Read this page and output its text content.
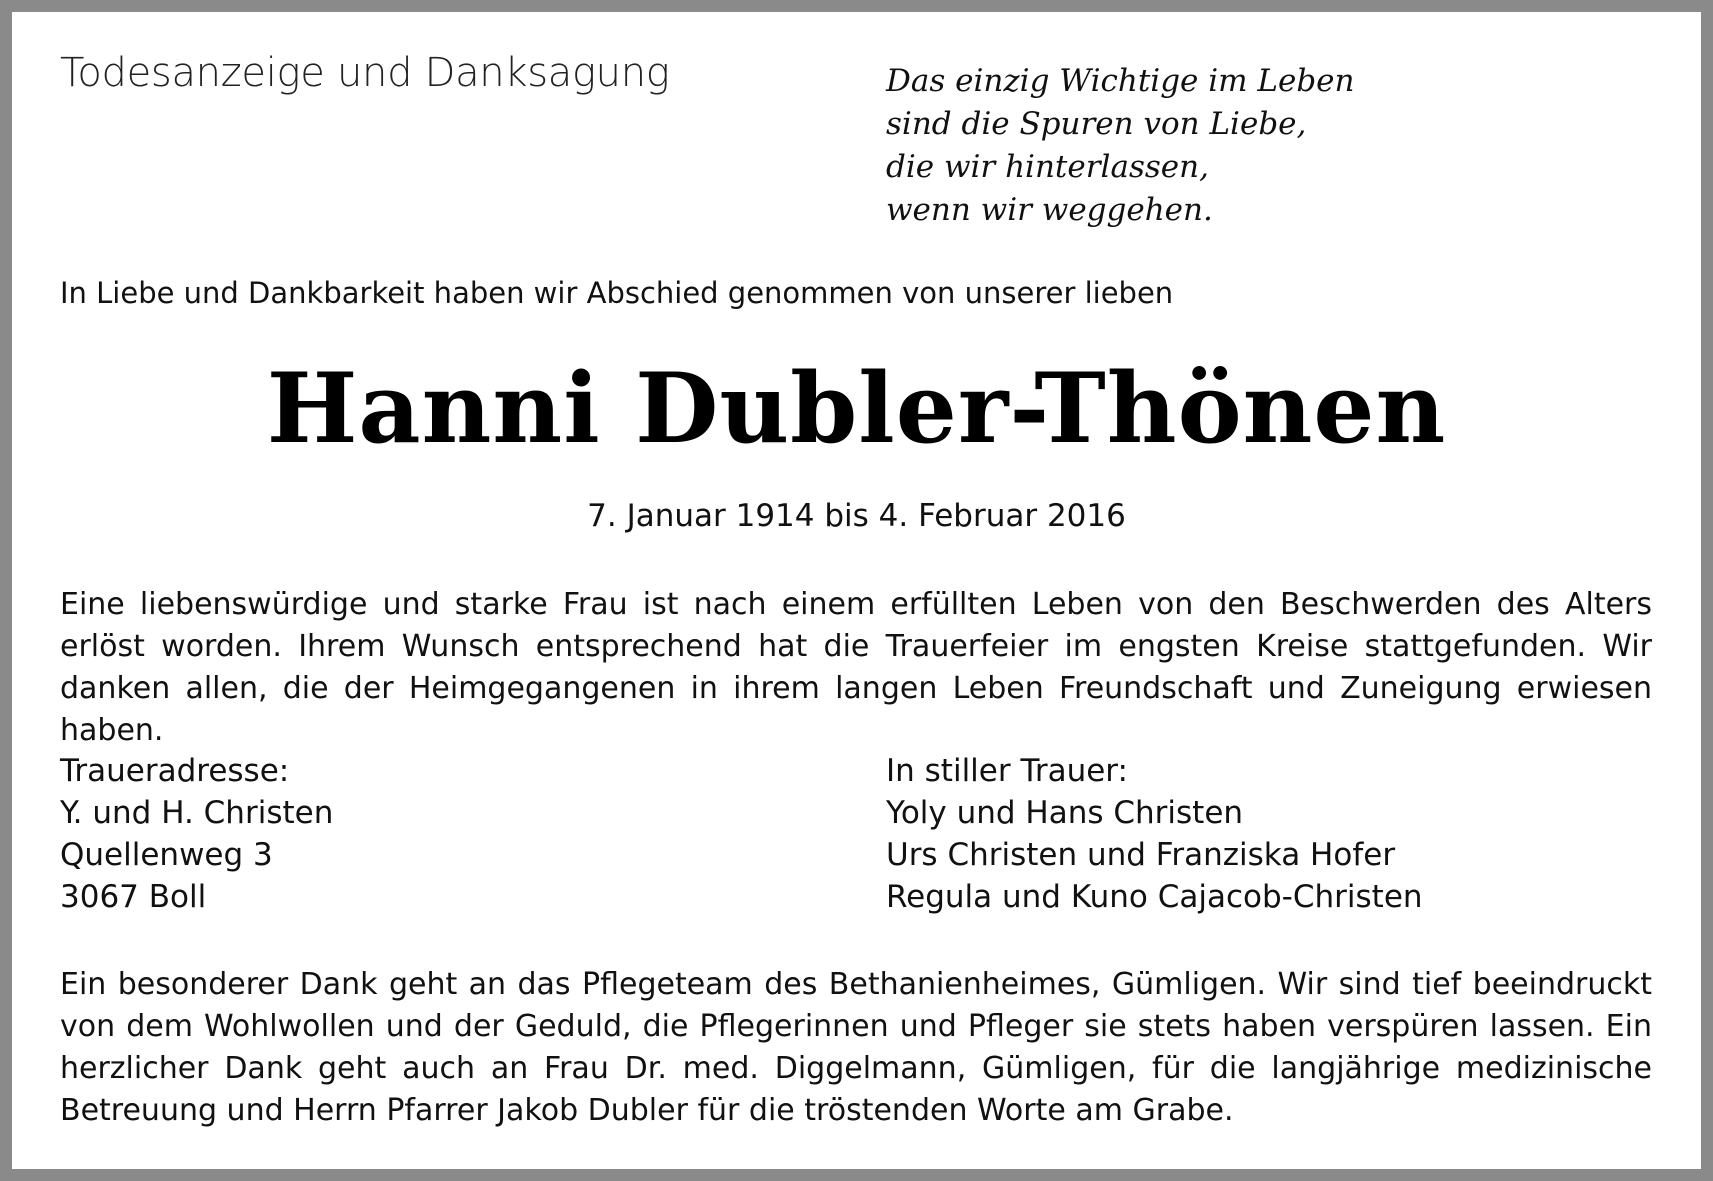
Todesanzeige und Danksagung	Das einzig Wichtige im Leben
sind die Spuren von Liebe,
die wir hinterlassen,
wenn wir weggehen.

In Liebe und Dankbarkeit haben wir Abschied genommen von unserer lieben

Hanni Dubler-Thönen

7. Januar 1914 bis 4. Februar 2016

Eine liebenswürdige und starke Frau ist nach einem erfüllten Leben von den Beschwerden des Alters erlöst worden. Ihrem Wunsch entsprechend hat die Trauerfeier im engsten Kreise stattgefunden. Wir danken allen, die der Heimgegangenen in ihrem langen Leben Freundschaft und Zuneigung erwiesen haben.

Traueradresse:
Y. und H. Christen
Quellenweg 3
3067 Boll
In stiller Trauer:
Yoly und Hans Christen
Urs Christen und Franziska Hofer
Regula und Kuno Cajacob-Christen

Ein besonderer Dank geht an das Pflegeteam des Bethanienheimes, Gümligen. Wir sind tief beeindruckt von dem Wohlwollen und der Geduld, die Pflegerinnen und Pfleger sie stets haben verspüren lassen. Ein herzlicher Dank geht auch an Frau Dr. med. Diggelmann, Gümligen, für die langjährige medizinische Betreuung und Herrn Pfarrer Jakob Dubler für die tröstenden Worte am Grabe.
